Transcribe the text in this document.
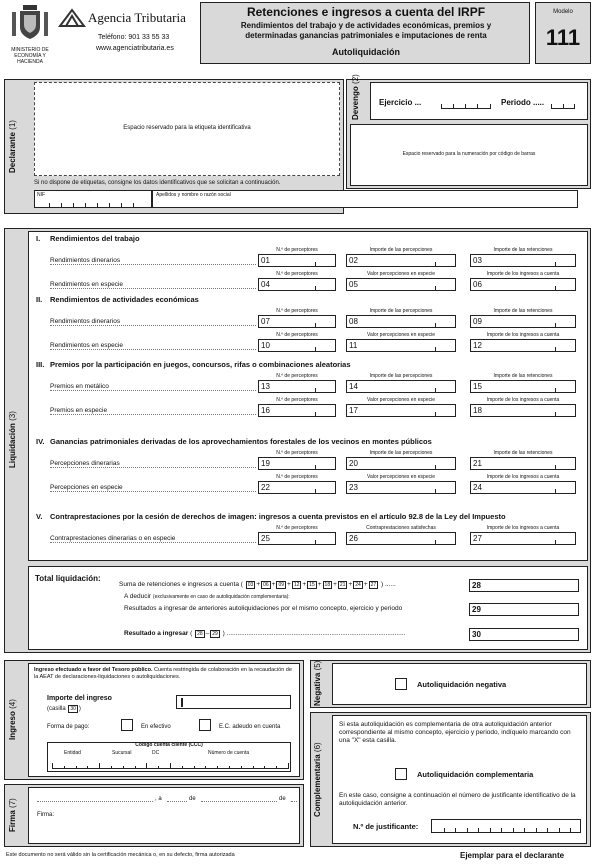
MINISTERIO DE ECONOMÍA Y HACIENDA
Agencia Tributaria
Teléfono: 901 33 55 33
www.agenciatributaria.es
Retenciones e ingresos a cuenta del IRPF
Rendimientos del trabajo y de actividades económicas, premios y determinadas ganancias patrimoniales e imputaciones de renta
Autoliquidación
Modelo
111
Declarante (1)	Espacio reservado para la etiqueta identificativa
Si no dispone de etiquetas, consigne los datos identificativos que se solicitan a continuación.
NIF	Apellidos y nombre o razón social
Devengo (2)
Ejercicio ...	Periodo .....
Espacio reservado para la numeración por código de barras
Liquidación (3)
I. Rendimientos del trabajo
N.º de perceptores	Importe de las percepciones	Importe de las retenciones
Rendimientos dinerarios	01	02	03
N.º de perceptores	Valor percepciones en especie	Importe de los ingresos a cuenta
Rendimientos en especie	04	05	06
II. Rendimientos de actividades económicas
N.º de perceptores	Importe de las percepciones	Importe de las retenciones
Rendimientos dinerarios	07	08	09
N.º de perceptores	Valor percepciones en especie	Importe de los ingresos a cuenta
Rendimientos en especie	10	11	12
III. Premios por la participación en juegos, concursos, rifas o combinaciones aleatorias
N.º de perceptores	Importe de las percepciones	Importe de las retenciones
Premios en metálico	13	14	15
N.º de perceptores	Valor percepciones en especie	Importe de los ingresos a cuenta
Premios en especie	16	17	18
IV. Ganancias patrimoniales derivadas de los aprovechamientos forestales de los vecinos en montes públicos
N.º de perceptores	Importe de las percepciones	Importe de las retenciones
Percepciones dinerarias	19	20	21
N.º de perceptores	Valor percepciones en especie	Importe de los ingresos a cuenta
Percepciones en especie	22	23	24
V. Contraprestaciones por la cesión de derechos de imagen: ingresos a cuenta previstos en el artículo 92.8 de la Ley del Impuesto
N.º de perceptores	Contraprestaciones satisfechas	Importe de los ingresos a cuenta
Contraprestaciones dinerarias o en especie	25	26	27
Total liquidación:
Suma de retenciones e ingresos a cuenta ( 03 + 06 + 09 + 12 + 15 + 18 + 21 + 24 + 27 ) ......	28
A deducir (exclusivamente en caso de autoliquidación complementaria):
Resultados a ingresar de anteriores autoliquidaciones por el mismo concepto, ejercicio y periodo	29
Resultado a ingresar ( 28 – 29 ) ...................................................................................................	30
Ingreso (4)
Ingreso efectuado a favor del Tesoro público. Cuenta restringida de colaboración en la recaudación de la AEAT de declaraciones-liquidaciones o autoliquidaciones.
Importe del ingreso
(casilla 30 )
Forma de pago:	En efectivo	E.C. adeudo en cuenta
Código cuenta cliente (CCC)
Entidad	Sucursal	DC	Número de cuenta
Negativa (5)
Autoliquidación negativa
Complementaria (6)
Si esta autoliquidación es complementaria de otra autoliquidación anterior correspondiente al mismo concepto, ejercicio y periodo, indíquelo marcando con una "X" esta casilla.
Autoliquidación complementaria
En este caso, consigne a continuación el número de justificante identificativo de la autoliquidación anterior.
N.º de justificante:
Firma (7)	, a	de	de
Firma:
Este documento no será válido sin la certificación mecánica o, en su defecto, firma autorizada	Ejemplar para el declarante
